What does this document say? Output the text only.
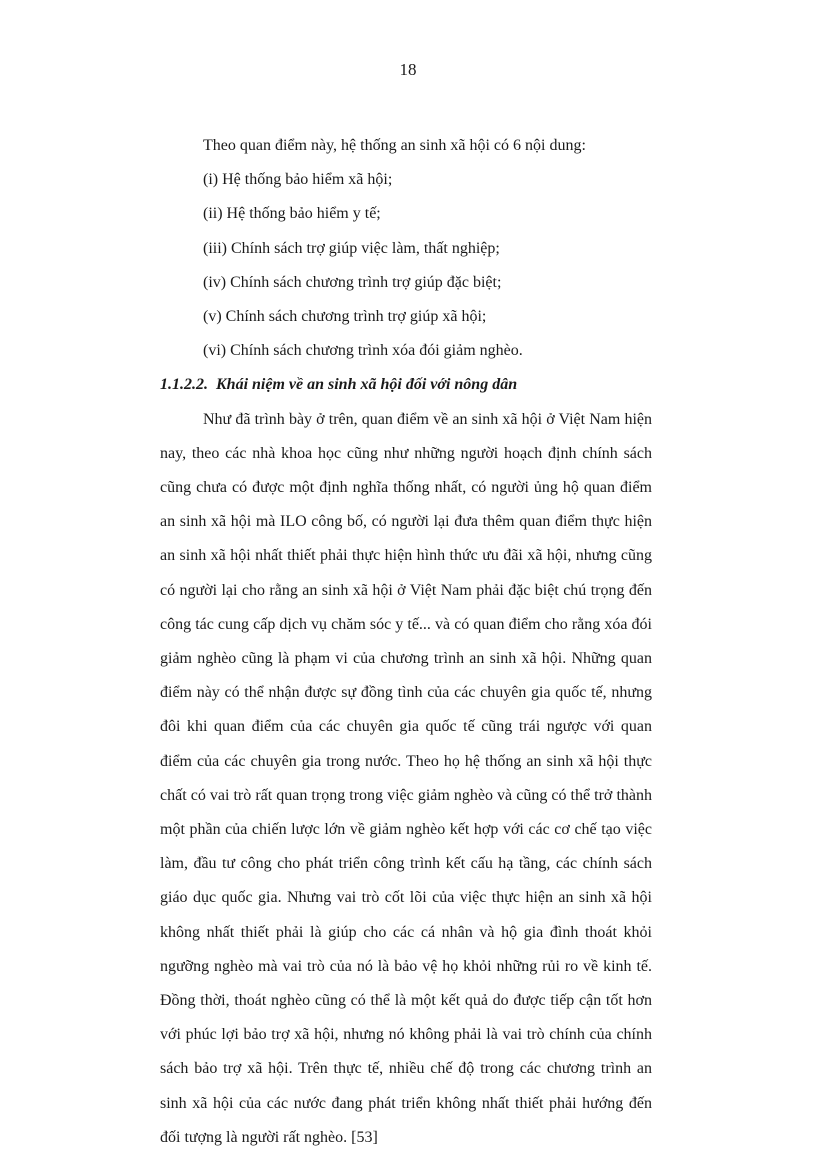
18

Theo quan điểm này, hệ thống an sinh xã hội có 6 nội dung:

(i) Hệ thống bảo hiểm xã hội;

(ii) Hệ thống bảo hiểm y tế;

(iii) Chính sách trợ giúp việc làm, thất nghiệp;

(iv) Chính sách chương trình trợ giúp đặc biệt;

(v) Chính sách chương trình trợ giúp xã hội;

(vi) Chính sách chương trình xóa đói giảm nghèo.

1.1.2.2. Khái niệm về an sinh xã hội đối với nông dân

Như đã trình bày ở trên, quan điểm về an sinh xã hội ở Việt Nam hiện nay, theo các nhà khoa học cũng như những người hoạch định chính sách cũng chưa có được một định nghĩa thống nhất, có người ủng hộ quan điểm an sinh xã hội mà ILO công bố, có người lại đưa thêm quan điểm thực hiện an sinh xã hội nhất thiết phải thực hiện hình thức ưu đãi xã hội, nhưng cũng có người lại cho rằng an sinh xã hội ở Việt Nam phải đặc biệt chú trọng đến công tác cung cấp dịch vụ chăm sóc y tế... và có quan điểm cho rằng xóa đói giảm nghèo cũng là phạm vi của chương trình an sinh xã hội. Những quan điểm này có thể nhận được sự đồng tình của các chuyên gia quốc tế, nhưng đôi khi quan điểm của các chuyên gia quốc tế cũng trái ngược với quan điểm của các chuyên gia trong nước. Theo họ hệ thống an sinh xã hội thực chất có vai trò rất quan trọng trong việc giảm nghèo và cũng có thể trở thành một phần của chiến lược lớn về giảm nghèo kết hợp với các cơ chế tạo việc làm, đầu tư công cho phát triển công trình kết cấu hạ tầng, các chính sách giáo dục quốc gia. Nhưng vai trò cốt lõi của việc thực hiện an sinh xã hội không nhất thiết phải là giúp cho các cá nhân và hộ gia đình thoát khỏi ngưỡng nghèo mà vai trò của nó là bảo vệ họ khỏi những rủi ro về kinh tế. Đồng thời, thoát nghèo cũng có thể là một kết quả do được tiếp cận tốt hơn với phúc lợi bảo trợ xã hội, nhưng nó không phải là vai trò chính của chính sách bảo trợ xã hội. Trên thực tế, nhiều chế độ trong các chương trình an sinh xã hội của các nước đang phát triển không nhất thiết phải hướng đến đối tượng là người rất nghèo. [53]
